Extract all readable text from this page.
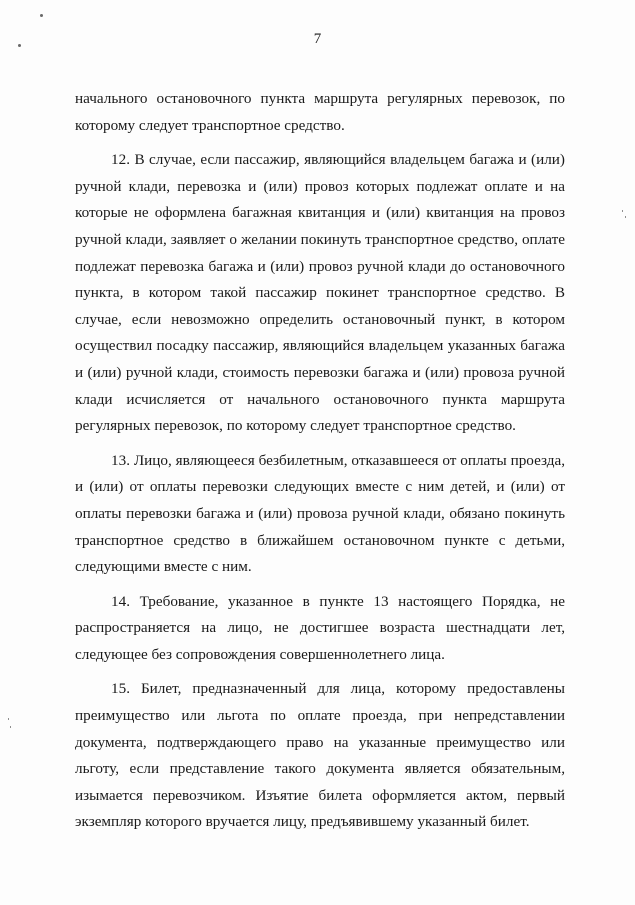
7

начального остановочного пункта маршрута регулярных перевозок, по которому следует транспортное средство.

12. В случае, если пассажир, являющийся владельцем багажа и (или) ручной клади, перевозка и (или) провоз которых подлежат оплате и на которые не оформлена багажная квитанция и (или) квитанция на провоз ручной клади, заявляет о желании покинуть транспортное средство, оплате подлежат перевозка багажа и (или) провоз ручной клади до остановочного пункта, в котором такой пассажир покинет транспортное средство. В случае, если невозможно определить остановочный пункт, в котором осуществил посадку пассажир, являющийся владельцем указанных багажа и (или) ручной клади, стоимость перевозки багажа и (или) провоза ручной клади исчисляется от начального остановочного пункта маршрута регулярных перевозок, по которому следует транспортное средство.

13. Лицо, являющееся безбилетным, отказавшееся от оплаты проезда, и (или) от оплаты перевозки следующих вместе с ним детей, и (или) от оплаты перевозки багажа и (или) провоза ручной клади, обязано покинуть транспортное средство в ближайшем остановочном пункте с детьми, следующими вместе с ним.

14. Требование, указанное в пункте 13 настоящего Порядка, не распространяется на лицо, не достигшее возраста шестнадцати лет, следующее без сопровождения совершеннолетнего лица.

15. Билет, предназначенный для лица, которому предоставлены преимущество или льгота по оплате проезда, при непредставлении документа, подтверждающего право на указанные преимущество или льготу, если представление такого документа является обязательным, изымается перевозчиком. Изъятие билета оформляется актом, первый экземпляр которого вручается лицу, предъявившему указанный билет.
